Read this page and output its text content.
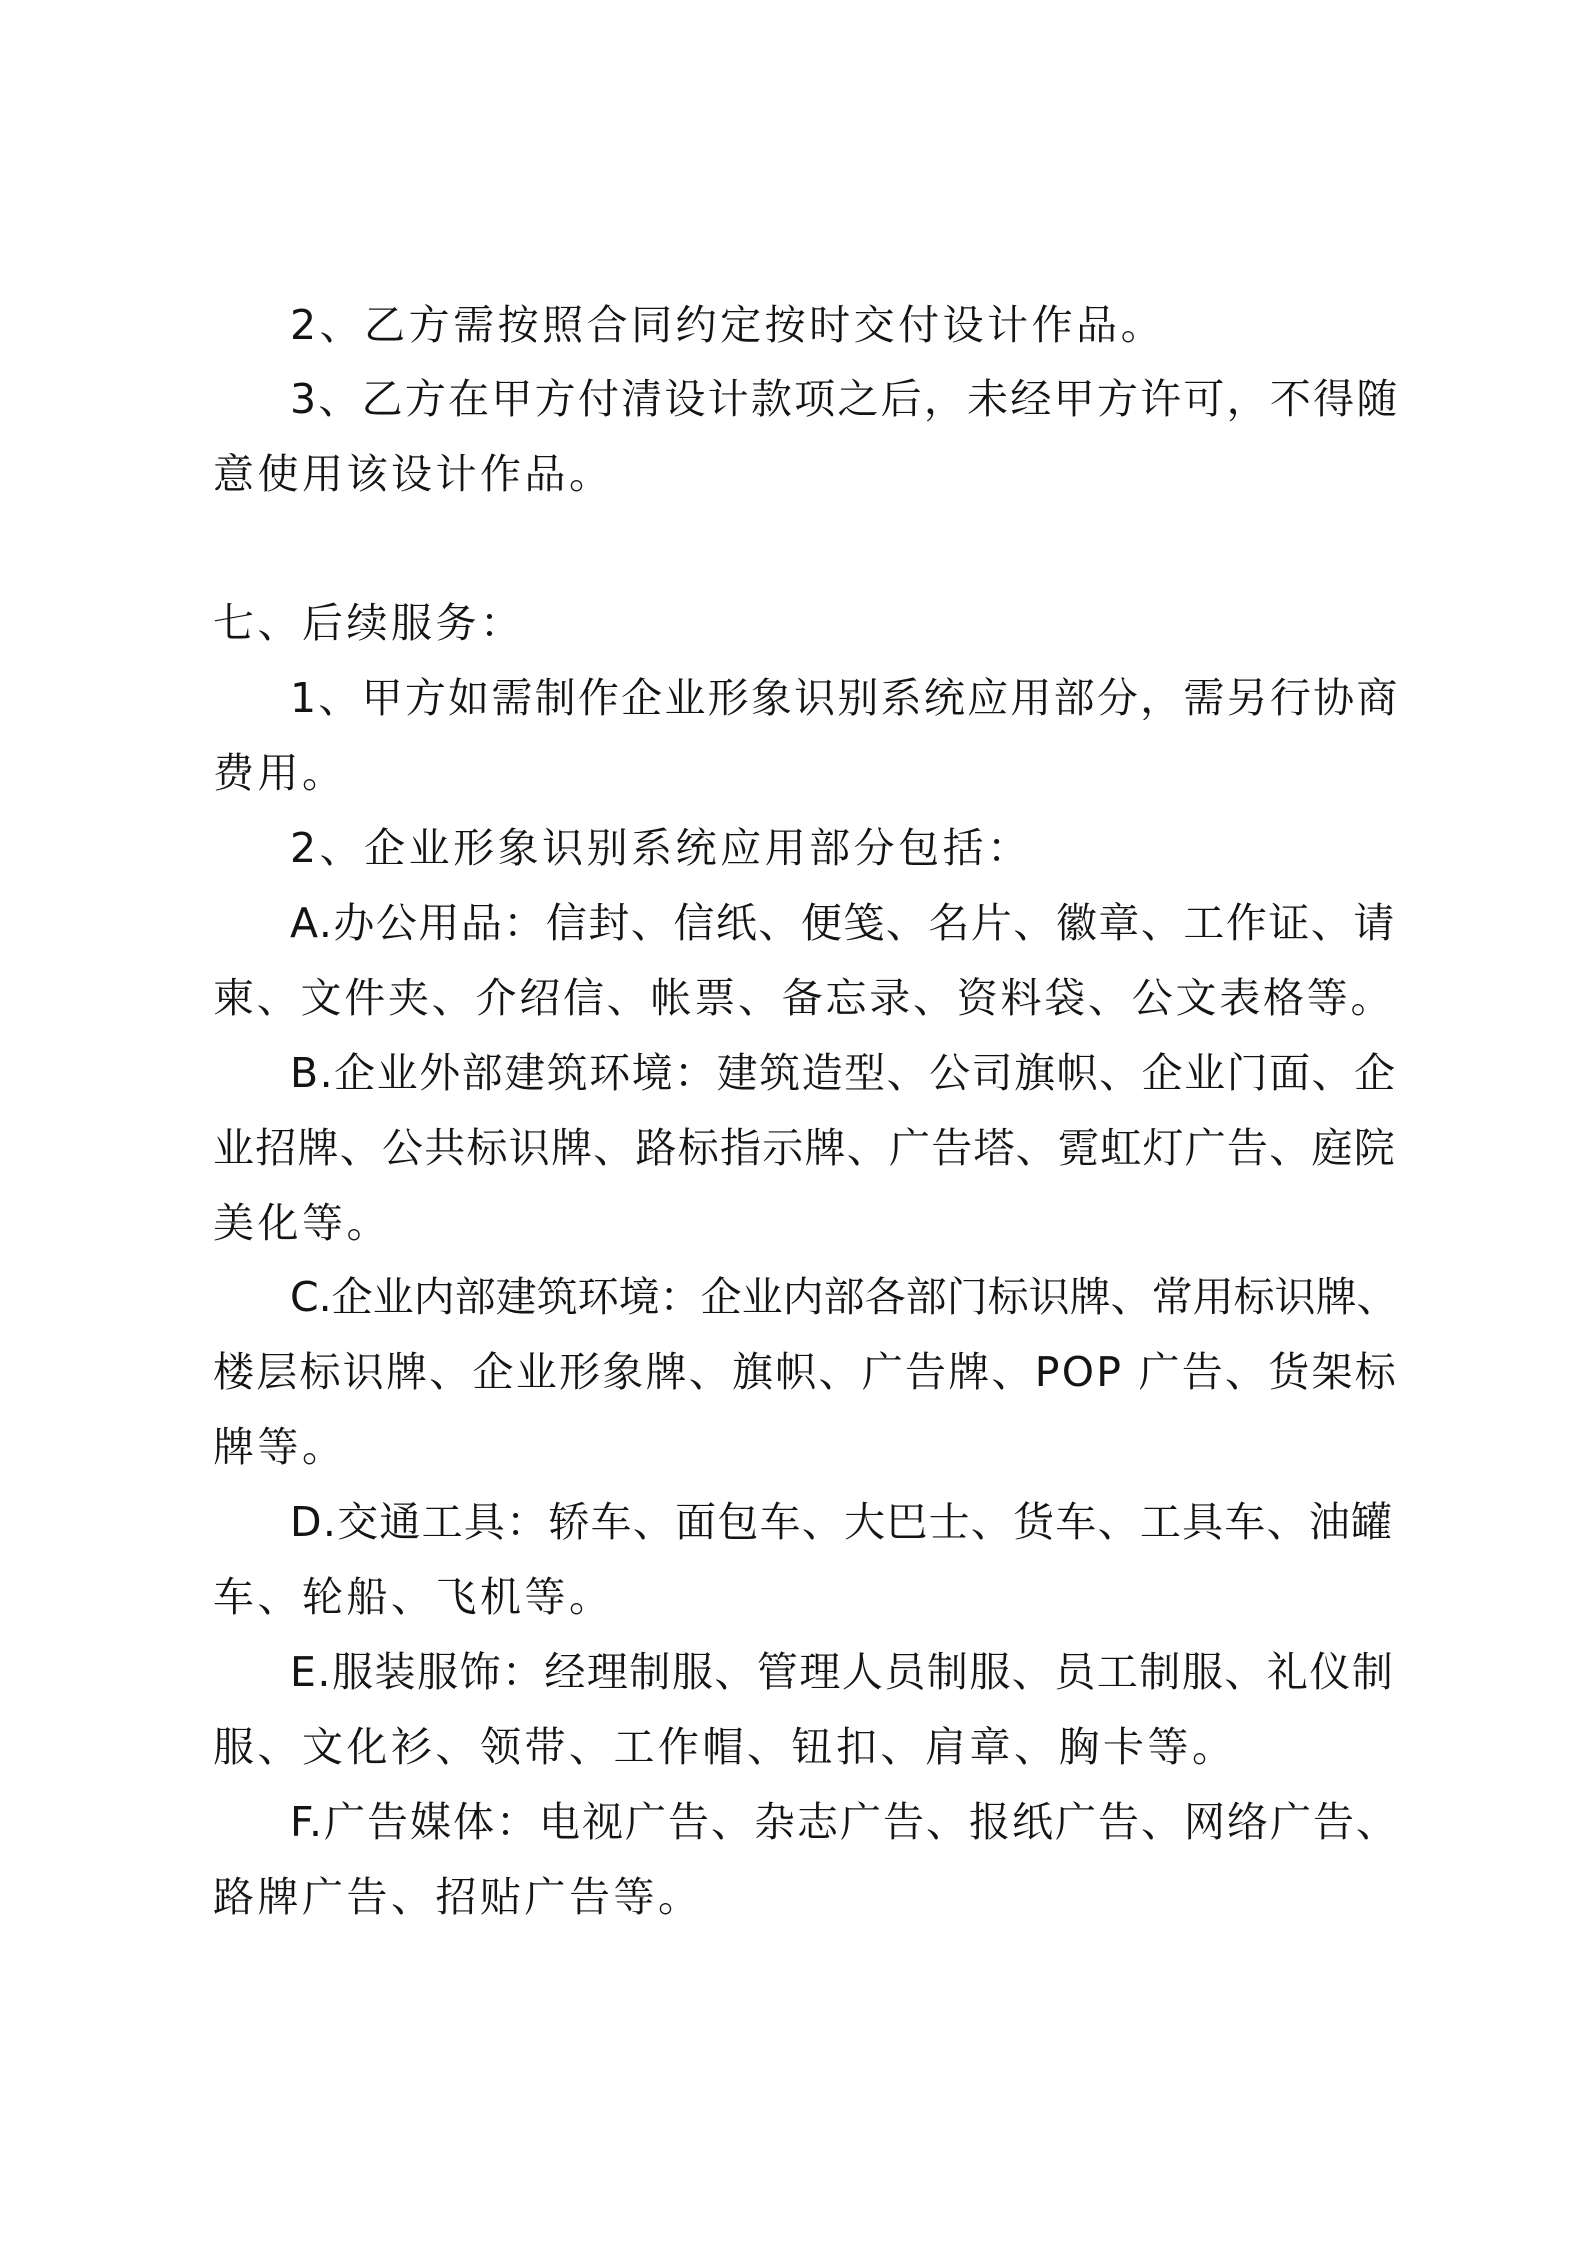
2、乙方需按照合同约定按时交付设计作品。

3、乙方在甲方付清设计款项之后，未经甲方许可，不得随

意使用该设计作品。

七、后续服务：

1、甲方如需制作企业形象识别系统应用部分，需另行协商

费用。

2、企业形象识别系统应用部分包括：

A.办公用品：信封、信纸、便笺、名片、徽章、工作证、请

柬、文件夹、介绍信、帐票、备忘录、资料袋、公文表格等。

B.企业外部建筑环境：建筑造型、公司旗帜、企业门面、企

业招牌、公共标识牌、路标指示牌、广告塔、霓虹灯广告、庭院

美化等。

C.企业内部建筑环境：企业内部各部门标识牌、常用标识牌、

楼层标识牌、企业形象牌、旗帜、广告牌、POP 广告、货架标

牌等。

D.交通工具：轿车、面包车、大巴士、货车、工具车、油罐

车、轮船、飞机等。

E.服装服饰：经理制服、管理人员制服、员工制服、礼仪制

服、文化衫、领带、工作帽、钮扣、肩章、胸卡等。

F.广告媒体：电视广告、杂志广告、报纸广告、网络广告、

路牌广告、招贴广告等。
